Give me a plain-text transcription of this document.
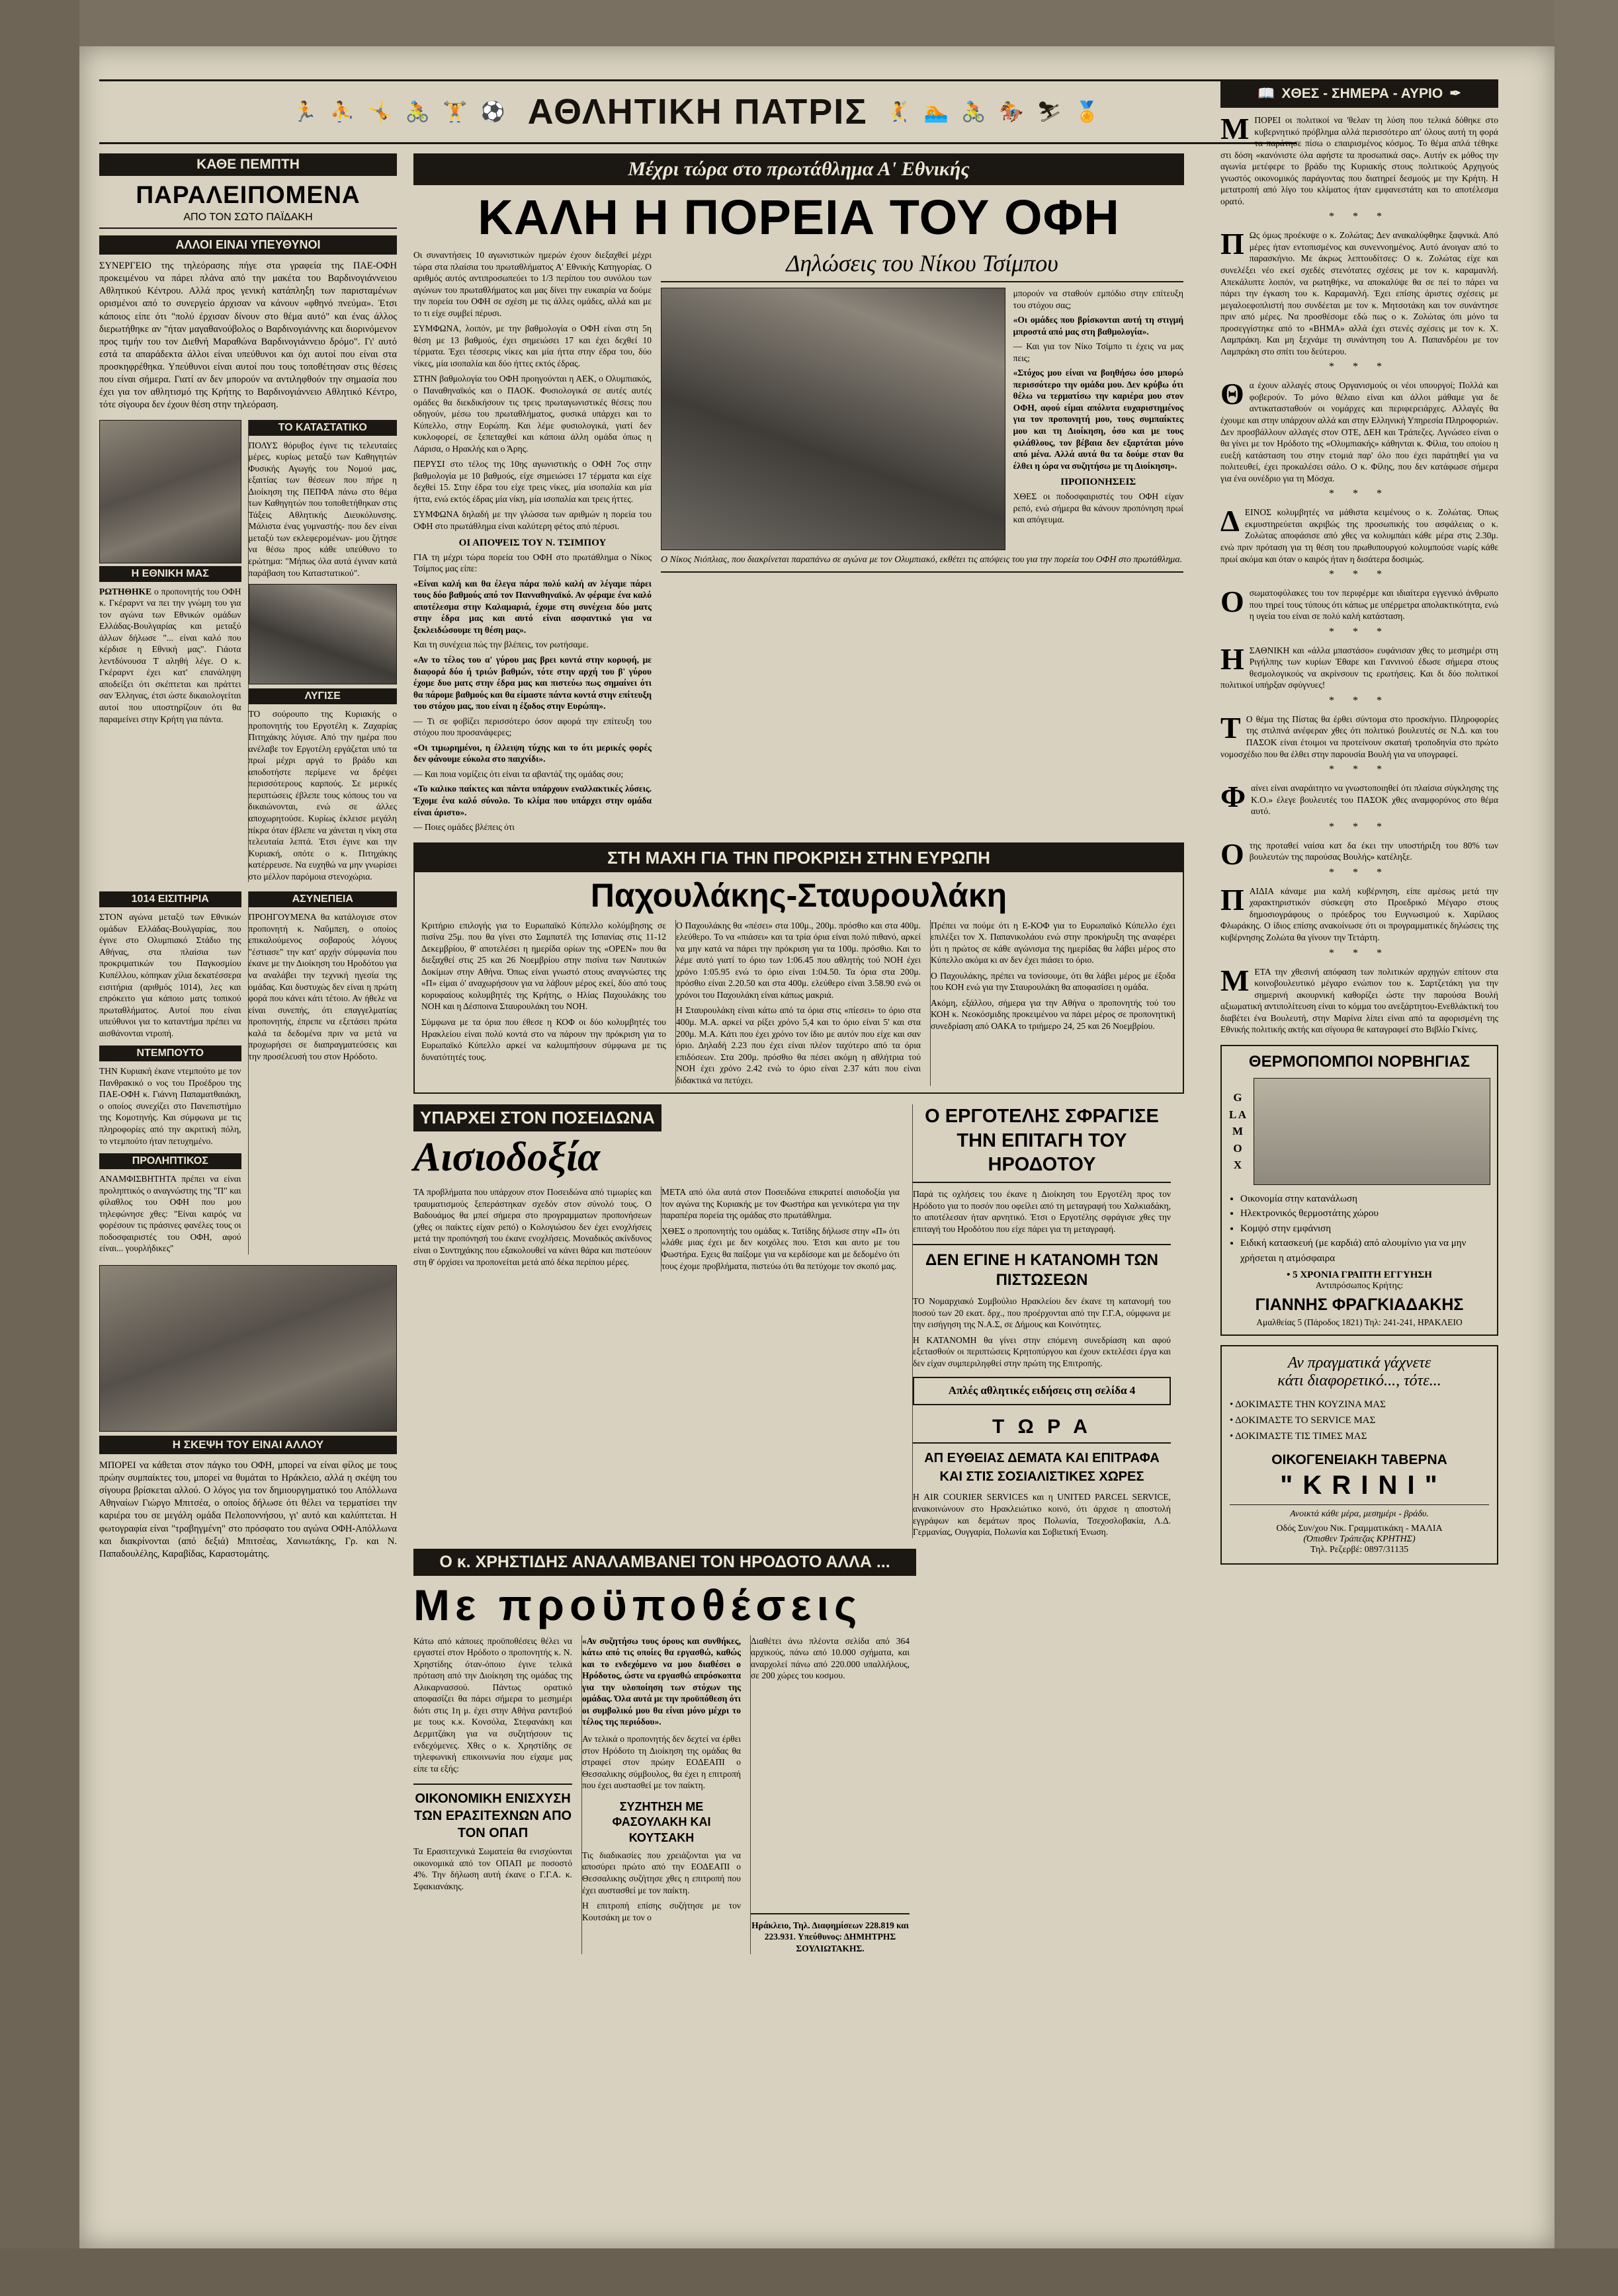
🏃 ⛹ 🤸 🚴 🏋 ⚽ ΑΘΛΗΤΙΚΗ ΠΑΤΡΙΣ 🤾 🏊 🚴 🏇 ⛷ 🏅
ΚΑΘΕ ΠΕΜΠΤΗ
ΠΑΡΑΛΕΙΠΟΜΕΝΑ
ΑΠΟ ΤΟΝ ΣΩΤΟ ΠΑΪΔΑΚΗ
ΑΛΛΟΙ ΕΙΝΑΙ ΥΠΕΥΘΥΝΟΙ
ΣΥΝΕΡΓΕΙΟ της τηλεόρασης πήγε στα γραφεία της ΠΑΕ-ΟΦΗ προκειμένου να πάρει πλάνα από την μακέτα του Βαρδινογιάννειου Αθλητικού Κέντρου. Αλλά προς γενική κατάπληξη των παρισταμένων ορισμένοι από το συνεργείο άρχισαν να κάνουν «φθηνό πνεύμα». Έτσι κάποιος είπε ότι "πολύ έρχισαν δίνουν στο θέμα αυτό" και ένας άλλος διερωτήθηκε αν "ήταν μαγαθανούβολος ο Βαρδινογιάννης και διορινόμενον προς τιμήν του τον Διεθνή Μαραθώνα Βαρδινογιάννειο δρόμο". Γι' αυτό εστά τα απαράδεκτα άλλοι είναι υπεύθυνοι και όχι αυτοί που είναι στα προσκηφρέθηκα. Υπεύθυνοι είναι αυτοί που τους τοποθέτησαν στις θέσεις που είναι σήμερα. Γιατί αν δεν μπορούν να αντιληφθούν την σημασία που έχει για τον αθλητισμό της Κρήτης το Βαρδινογιάννειο Αθλητικό Κέντρο, τότε σίγουρα δεν έχουν θέση στην τηλεόραση.
Η ΕΘΝΙΚΗ ΜΑΣ
ΡΩΤΗΘΗΚΕ ο προπονητής του ΟΦΗ κ. Γκέραρντ να πει την γνώμη του για τον αγώνα των Εθνικών ομάδων Ελλάδας-Βουλγαρίας και μεταξύ άλλων δήλωσε "... είναι καλό που κέρδισε η Εθνική μας". Γιάοτα λεντδύνουσα Τ αληθή λέγε. Ο κ. Γκέραρντ έχει κατ' επανάληψη αποδείξει ότι σκέπτεται και πράττει σαν Έλληνας, έτσι ώστε δικαιολογείται αυτοί που υποστηρίζουν ότι θα παραμείνει στην Κρήτη για πάντα.
ΤΟ ΚΑΤΑΣΤΑΤΙΚΟ
ΠΟΛΥΣ θόρυβος έγινε τις τελευταίες μέρες, κυρίως μεταξύ των Καθηγητών Φυσικής Αγωγής του Νομού μας, εξαιτίας των θέσεων που πήρε η Διοίκηση της ΠΕΠΦΑ πάνω στο θέμα των Καθηγητών που τοποθετήθηκαν στις Τάξεις Αθλητικής Διευκόλυνσης. Μάλιστα ένας γυμναστής- που δεν είναι μεταξύ των εκλεφερομένων- μου ζήτησε να θέσω προς κάθε υπεύθυνο το ερώτημα: "Μήπως όλα αυτά έγιναν κατά παράβαση του Καταστατικού".
ΛΥΓΙΣΕ
ΤΟ σούρουπο της Κυριακής ο προπονητής του Εργοτέλη κ. Ζαχαρίας Πιτηχάκης λύγισε. Από την ημέρα που ανέλαβε τον Εργοτέλη εργάζεται υπό τα πρωί μέχρι αργά το βράδυ και αποδοτήστε περίμενε να δρέψει περισσότερους καρπούς. Σε μερικές περιπτώσεις έβλεπε τους κόπους του να δικαιώνονται, ενώ σε άλλες αποχωρητούσε. Κυρίως έκλεισε μεγάλη πίκρα όταν έβλεπε να χάνεται η νίκη στα τελευταία λεπτά. Έτσι έγινε και την Κυριακή, οπότε ο κ. Πιτηχάκης κατέρρευσε. Να ευχηθώ να μην γνωρίσει στο μέλλον παρόμοια στενοχώρια.
1014 ΕΙΣΙΤΗΡΙΑ
ΣΤΟΝ αγώνα μεταξύ των Εθνικών ομάδων Ελλάδας-Βουλγαρίας, που έγινε στο Ολυμπιακό Στάδιο της Αθήνας, στα πλαίσια των προκριματικών του Παγκοσμίου Κυπέλλου, κόπηκαν χίλια δεκατέσσερα εισιτήρια (αριθμός 1014), λες και επρόκειτο για κάποιο ματς τοπικού πρωταθλήματος. Αυτοί που είναι υπεύθυνοι για το καταντήμα πρέπει να αισθάνονται ντροπή.
ΝΤΕΜΠΟΥΤΟ
ΤΗΝ Κυριακή έκανε ντεμπούτο με τον Πανθρακικό ο νος του Προέδρου της ΠΑΕ-ΟΦΗ κ. Γιάννη Παπαματθαιάκη, ο οποίος συνεχίζει στο Πανεπιστήμιο της Κομοτηνής. Και σύμφωνα με τις πληροφορίες από την ακριτική πόλη, το ντεμπούτο ήταν πετυχημένο.
ΠΡΟΛΗΠΤΙΚΟΣ
ΑΝΑΜΦΙΣΒΗΤΗΤΑ πρέπει να είναι προληπτικός ο αναγνώστης της "Π" και φίλαθλος του ΟΦΗ που μου τηλεφώνησε χθες: "Είναι καιρός να φορέσουν τις πράσινες φανέλες τους οι ποδοσφαιριστές του ΟΦΗ, αφού είναι... γουρλήδικες"
ΑΣΥΝΕΠΕΙΑ
ΠΡΟΗΓΟΥΜΕΝΑ θα κατάλογισε στον προπονητή κ. Ναΰμπεη, ο οποίος επικαλούμενος σοβαρούς λόγους "έστιασε" την κατ' αρχήν σύμφωνία που έκανε με την Διοίκηση του Ηροδότου για να αναλάβει την τεχνική ηγεσία της ομάδας. Και δυστυχώς δεν είναι η πρώτη φορά που κάνει κάτι τέτοιο. Αν ήθελε να είναι συνεπής, ότι επαγγελματίας προπονητής, έπρεπε να εξετάσει πρώτα καλά τα δεδομένα πριν να μετά να προχωρήσει σε διαπραγματεύσεις και την προσέλευσή του στον Ηρόδοτο.
Η ΣΚΕΨΗ ΤΟΥ ΕΙΝΑΙ ΑΛΛΟΥ
ΜΠΟΡΕΙ να κάθεται στον πάγκο του ΟΦΗ, μπορεί να είναι φίλος με τους πρώην συμπαίκτες του, μπορεί να θυμάται το Ηράκλειο, αλλά η σκέψη του σίγουρα βρίσκεται αλλού. Ο λόγος για τον δημιουργηματικό του Απόλλωνα Αθηναίων Γιώργο Μπιτσέα, ο οποίος δήλωσε ότι θέλει να τερματίσει την καριέρα του σε μεγάλη ομάδα Πελοποννήσου, γι' αυτό και καλύπτεται. Η φωτογραφία είναι "τραβηγμένη" στο πρόσφατο του αγώνα ΟΦΗ-Απόλλωνα και διακρίνονται (από δεξιά) Μπιτσέας, Χανιωτάκης, Γρ. και Ν. Παπαδουλέλης, Καραβίδας, Καραστομάτης.
Μέχρι τώρα στο πρωτάθλημα Α' Εθνικής
ΚΑΛΗ Η ΠΟΡΕΙΑ ΤΟΥ ΟΦΗ
Οι συναντήσεις 10 αγωνιστικών ημερών έχουν διεξαχθεί μέχρι τώρα στα πλαίσια του πρωταθλήματος Α' Εθνικής Κατηγορίας. Ο αριθμός αυτός αντιπροσωπεύει το 1/3 περίπου του συνόλου των αγώνων του πρωταθλήματος και μας δίνει την ευκαιρία να δούμε την πορεία του ΟΦΗ σε σχέση με τις άλλες ομάδες, αλλά και με το τι είχε συμβεί πέρυσι.
ΣΥΜΦΩΝΑ, λοιπόν, με την βαθμολογία ο ΟΦΗ είναι στη 5η θέση με 13 βαθμούς, έχει σημειώσει 17 και έχει δεχθεί 10 τέρματα. Έχει τέσσερις νίκες και μία ήττα στην έδρα του, δύο νίκες, μία ισοπαλία και δύο ήττες εκτός έδρας.
ΣΤΗΝ βαθμολογία του ΟΦΗ προηγούνται η ΑΕΚ, ο Ολυμπιακός, ο Παναθηναϊκός και ο ΠΑΟΚ. Φυσιολογικά σε αυτές αυτές ομάδες θα διεκδικήσουν τις τρεις πρωταγωνιστικές θέσεις που οδηγούν, μέσω του πρωταθλήματος, φυσικά υπάρχει και το Κύπελλο, στην Ευρώπη. Και λέμε φυσιολογικά, γιατί δεν κυκλοφορεί, σε ξεπεταχθεί και κάποια άλλη ομάδα όπως η Λάρισα, ο Ηρακλής και ο Άρης.
ΠΕΡΥΣΙ στο τέλος της 10ης αγωνιστικής ο ΟΦΗ 7ος στην βαθμολογία με 10 βαθμούς, είχε σημειώσει 17 τέρματα και είχε δεχθεί 15. Στην έδρα του είχε τρεις νίκες, μία ισοπαλία και μία ήττα, ενώ εκτός έδρας μία νίκη, μία ισοπαλία και τρεις ήττες.
ΣΥΜΦΩΝΑ δηλαδή με την γλώσσα των αριθμών η πορεία του ΟΦΗ στο πρωτάθλημα είναι καλύτερη φέτος από πέρυσι.
ΟΙ ΑΠΟΨΕΙΣ ΤΟΥ Ν. ΤΣΙΜΠΟΥ
ΓΙΑ τη μέχρι τώρα πορεία του ΟΦΗ στο πρωτάθλημα ο Νίκος Τσίμπος μας είπε:
«Είναι καλή και θα έλεγα πάρα πολύ καλή αν λέγαμε πάρει τους δύο βαθμούς από τον Πανναθηναϊκό. Αν φέραμε ένα καλό αποτέλεσμα στην Καλαμαριά, έχομε στη συνέχεια δύο ματς στην έδρα μας και αυτό είναι ασφαντικό για να ξεκλειδώσουμε τη θέση μας».
Και τη συνέχεια πώς την βλέπεις, τον ρωτήσαμε.
«Αν το τέλος του α' γύρου μας βρει κοντά στην κορυφή, με διαφορά δύο ή τριών βαθμών, τότε στην αρχή του β' γύρου έχομε δυο ματς στην έδρα μας και πιστεύω πως σημαίνει ότι θα πάρομε βαθμούς και θα είμαστε πάντα κοντά στην επίτευξη του στόχου μας, που είναι η έξοδος στην Ευρώπη».
— Τι σε φοβίζει περισσότερο όσον αφορά την επίτευξη του στόχου που προσανάφερες;
«Οι τιμωρημένοι, η έλλειψη τύχης και το ότι μερικές φορές δεν φάνουμε εύκολα στο παιχνίδι».
— Και ποια νομίζεις ότι είναι τα αβαντάζ της ομάδας σου;
«Το καλικο παίκτες και πάντα υπάρχουν εναλλακτικές λύσεις. Έχομε ένα καλό σύνολο. Το κλίμα που υπάρχει στην ομάδα είναι άριστο».
— Ποιες ομάδες βλέπεις ότι
Δηλώσεις του Νίκου Τσίμπου
μπορούν να σταθούν εμπόδιο στην επίτευξη του στόχου σας;
«Οι ομάδες που βρίσκονται αυτή τη στιγμή μπροστά από μας στη βαθμολογία».
— Και για τον Νίκο Τσίμπο τι έχεις να μας πεις;
«Στόχος μου είναι να βοηθήσω όσο μπορώ περισσότερο την ομάδα μου. Δεν κρύβω ότι θέλω να τερματίσω την καριέρα μου στον ΟΦΗ, αφού είμαι απόλυτα ευχαριστημένος για τον προπονητή μου, τους συμπαίκτες μου και τη Διοίκηση, όσο και με τους φιλάθλους, τον βέβαια δεν εξαρτάται μόνο από μένα. Αλλά αυτά θα τα δούμε σταν θα έλθει η ώρα να συζητήσω με τη Διοίκηση».
ΠΡΟΠΟΝΗΣΕΙΣ
ΧΘΕΣ οι ποδοσφαιριστές του ΟΦΗ είχαν ρεπό, ενώ σήμερα θα κάνουν προπόνηση πρωί και απόγευμα.
Ο Νίκος Νιόπλιας, που διακρίνεται παραπάνω σε αγώνα με τον Ολυμπιακό, εκθέτει τις απόψεις του για την πορεία του ΟΦΗ στο πρωτάθλημα.
ΣΤΗ ΜΑΧΗ ΓΙΑ ΤΗΝ ΠΡΟΚΡΙΣΗ ΣΤΗΝ ΕΥΡΩΠΗ
Παχουλάκης-Σταυρουλάκη
Κριτήριο επιλογής για το Ευρωπαϊκό Κύπελλο κολύμβησης σε πισίνα 25μ. που θα γίνει στο Σαμπατέλ της Ισπανίας στις 11-12 Δεκεμβρίου, θ' αποτελέσει η ημερίδα ορίων της «OPEN» που θα διεξαχθεί στις 25 και 26 Νοεμβρίου στην πισίνα των Ναυτικών Δοκίμων στην Αθήνα. Όπως είναι γνωστό στους αναγνώστες της «Π» είμαι ό' αναχωρήσουν για να λάβουν μέρος εκεί, δύο από τους κορυφαίους κολυμβητές της Κρήτης, ο Ηλίας Παχουλάκης του ΝΟΗ και η Δέσποινα Σταυρουλάκη του ΝΟΗ.
Σύμφωνα με τα όρια που έθεσε η ΚΟΦ οι δύο κολυμβητές του Ηρακλείου είναι πολύ κοντά στο να πάρουν την πρόκριση για το Ευρωπαϊκό Κύπελλο αρκεί να καλυμπήσουν σύμφωνα με τις δυνατότητές τους.
Ο Παχουλάκης θα «πέσει» στα 100μ., 200μ. πρόσθιο και στα 400μ. ελεύθερο. Το να «πιάσει» και τα τρία όρια είναι πολύ πιθανό, αρκεί να μην κατά να πάρει την πρόκριση για τα 100μ. πρόσθιο. Και το λέμε αυτό γιατί το όριο των 1:06.45 που αθλητής τού ΝΟΗ έχει χρόνο 1:05.95 ενώ το όριο είναι 1:04.50. Τα όρια στα 200μ. πρόσθιο είναι 2.20.50 και στα 400μ. ελεύθερο είναι 3.58.90 ενώ οι χρόνοι του Παχουλάκη είναι κάπως μακριά.
Η Σταυρουλάκη είναι κάτω από τα όρια στις «πίεσει» το όριο στα 400μ. Μ.Α. αρκεί να ρίξει χρόνο 5,4 και το όριο είναι 5' και στα 200μ. Μ.Α. Κάτι που έχει χρόνο τον ίδιο με αυτόν που είχε και σαν όριο. Δηλαδή 2.23 που έχει είναι πλέον ταχύτερο από τα όρια επιδόσεων. Στα 200μ. πρόσθιο θα πέσει ακόμη η αθλήτρια τού ΝΟΗ έχει χρόνο 2.42 ενώ το όριο είναι 2.37 κάτι που είναι διδακτικά να πετύχει.
Πρέπει να πούμε ότι η Ε-ΚΟΦ για το Ευρωπαϊκό Κύπελλο έχει επιλέξει τον Χ. Παπανικολάου ενώ στην προκήρυξη της αναφέρει ότι η πρώτος σε κάθε αγώνισμα της ημερίδας θα λάβει μέρος στο Κύπελλο ακόμα κι αν δεν έχει πιάσει το όριο.
Ο Παχουλάκης, πρέπει να τονίσουμε, ότι θα λάβει μέρος με έξοδα του ΚΟΗ ενώ για την Σταυρουλάκη θα αποφασίσει η ομάδα.
Ακόμη, εξάλλου, σήμερα για την Αθήνα ο προπονητής τού του ΚΟΗ κ. Νεοκόσμιδης προκειμένου να πάρει μέρος σε προπονητική συνεδρίαση από ΟΑΚΑ το τριήμερο 24, 25 και 26 Νοεμβρίου.
ΥΠΑΡΧΕΙ ΣΤΟΝ ΠΟΣΕΙΔΩΝΑ
Αισιοδοξία
ΤΑ προβλήματα που υπάρχουν στον Ποσειδώνα από τιμωρίες και τραυματισμούς ξεπεράστηκαν σχεδόν στον σύνολό τους. Ο Βαδουάμος θα μπεί σήμερα στο προγραμματων προπονήσεων (χθες οι παίκτες είχαν ρεπό) ο Κολογιώσου δεν έχει ενοχλήσεις μετά την προπόνησή του έκανε ενοχλήσεις. Μοναδικός ακίνδυνος είναι ο Συντηχάκης που εξακολουθεί να κάνει θάρα και πιστεύουν στη θ' όρχίσει να προπονείται μετά από δέκα περίπου μέρες.
ΜΕΤΑ από όλα αυτά στον Ποσειδώνα επικρατεί αισιοδοξία για τον αγώνα της Κυριακής με τον Φωστήρα και γενικότερα για την παραπέρα πορεία της ομάδας στο πρωτάθλημα.
ΧΘΕΣ ο προπονητής του ομάδας κ. Τατίδης δήλωσε στην «Π» ότι «λάθε μιας έχει με δεν κοιχόλες που. Έτσι και αυτο με του Φωστήρα. Εχεις θα παίξομε για να κερδίσομε και με δεδομένο ότι τους έχομε προβλήματα, πιστεύω ότι θα πετύχομε τον σκοπό μας.
Ο ΕΡΓΟΤΕΛΗΣ ΣΦΡΑΓΙΣΕ ΤΗΝ ΕΠΙΤΑΓΗ ΤΟΥ ΗΡΟΔΟΤΟΥ
Παρά τις οχλήσεις του έκανε η Διοίκηση του Εργοτέλη προς τον Ηρόδοτο για το ποσόν που οφείλει από τη μεταγραφή του Χαλκιαδάκη, το αποτέλεσαν ήταν αρνητικό. Έτσι ο Εργοτέλης σφράγισε χθες την επιταγή του Ηροδότου που είχε πάρει για τη μεταγραφή.
ΔΕΝ ΕΓΙΝΕ Η ΚΑΤΑΝΟΜΗ ΤΩΝ ΠΙΣΤΩΣΕΩΝ
ΤΟ Νομαρχιακό Συμβούλιο Ηρακλείου δεν έκανε τη κατανομή του ποσού των 20 εκατ. δρχ., που προέρχονται από την Γ.Γ.Α, ούμφωνα με την εισήγηση της Ν.Α.Σ, σε Δήμους και Κοινότητες.
Η ΚΑΤΑΝΟΜΗ θα γίνει στην επόμενη συνεδρίαση και αφού εξετασθούν οι περιπτώσεις Κρητοπύργου και έχουν εκτελέσει έργα και δεν είχαν συμπεριληφθεί στην πρώτη της Επιτροπής.
Απλές αθλητικές ειδήσεις στη σελίδα 4
Τ Ω Ρ Α
ΑΠ ΕΥΘΕΙΑΣ ΔΕΜΑΤΑ ΚΑΙ ΕΠΙΤΡΑΦΑ
ΚΑΙ ΣΤΙΣ ΣΟΣΙΑΛΙΣΤΙΚΕΣ ΧΩΡΕΣ
Η AIR COURIER SERVICES και η UNITED PARCEL SERVICE, ανακοινώνουν στο Ηρακλειώτικο κοινό, ότι άρχισε η αποστολή εγγράφων και δεμάτων προς Πολωνία, Τσεχοσλοβακία, Λ.Δ. Γερμανίας, Ουγγαρία, Πολωνία και Σοβιετική Ένωση.
Ο κ. ΧΡΗΣΤΙΔΗΣ ΑΝΑΛΑΜΒΑΝΕΙ ΤΟΝ ΗΡΟΔΟΤΟ ΑΛΛΑ ...
Με προϋποθέσεις
Κάτω από κάποιες προϋποθέσεις θέλει να εργαστεί στον Ηρόδοτο ο προπονητής κ. Ν. Χρηστίδης όταν-όποιο έγινε τελικά πρόταση από την Διοίκηση της ομάδας της Αλικαρνασσού. Πάντως ορατικό αποφασίζει θα πάρει σήμερα το μεσημέρι διότι στις 1η μ. έχει στην Αθήνα ραντεβού με τους κ.κ. Κονσόλα, Στεφανάκη και Δερμιτζάκη για να συζητήσουν τις ενδεχόμενες. Χθες ο κ. Χρηστίδης σε τηλεφωνική επικοινωνία που είχαμε μας είπε τα εξής:
ΟΙΚΟΝΟΜΙΚΗ ΕΝΙΣΧΥΣΗ ΤΩΝ ΕΡΑΣΙΤΕΧΝΩΝ ΑΠΟ ΤΟΝ ΟΠΑΠ
Τα Ερασιτεχνικά Σωματεία θα ενισχύονται οικονομικά από τον ΟΠΑΠ με ποσοστό 4%. Την δήλωση αυτή έκανε ο Γ.Γ.Α. κ. Σφακιανάκης.
«Αν συζητήσω τους όρους και συνθήκες, κάτω από τις οποίες θα εργασθώ, καθώς και το ενδεχόμενο να μου διαθέσει ο Ηρόδοτος, ώστε να εργασθώ απρόσκοπτα για την υλοποίηση των στόχων της ομάδας. Όλα αυτά με την προϋπόθεση ότι οι συμβολικό μου θα είναι μόνο μέχρι το τέλος της περιόδου».
Αν τελικά ο προπονητής δεν δεχτεί να έρθει στον Ηρόδοτο τη Διοίκηση της ομάδας θα στραφεί στον πρώην ΕΟΔΕΑΠΙ ο Θεσσαλικης σύμβουλος, θα έχει η επιτροπή που έχει αυστασθεί με τον παίκτη.
ΣΥΖΗΤΗΣΗ ΜΕ ΦΑΣΟΥΛΑΚΗ ΚΑΙ ΚΟΥΤΣΑΚΗ
Τις διαδικασίες που χρειάζονται για να αποσύρει πρώτο από την ΕΟΔΕΑΠΙ ο Θεσσαλικης συζήτησε χθες η επιτροπή που έχει αυστασθεί με τον παίκτη.
Η επιτροπή επίσης συζήτησε με τον Κουτσάκη με τον ο
Διαθέτει άνω πλέοντα σελίδα από 364 αρχικούς, πάνω από 10.000 σχήματα, και αναρχολεί πάνω από 220.000 υπαλλήλους, σε 200 χώρες του κοσμου.
Ηράκλειο, Τηλ. Διαφημίσεων 228.819 και 223.931. Υπεύθυνος: ΔΗΜΗΤΡΗΣ ΣΟΥΛΙΩΤΑΚΗΣ.
📖 ΧΘΕΣ - ΣΗΜΕΡΑ - ΑΥΡΙΟ ✒
ΜΠΟΡΕΙ οι πολιτικοί να 'θελαν τη λύση που τελικά δόθηκε στο κυβερνητικό πρόβλημα αλλά περισσότερο απ' όλους αυτή τη φορά τα παράτησε πίσω ο επαιρισμένος κόσμος. Το θέμα απλά τέθηκε στι δόση «κανόνιστε όλα αφήστε τα προσωπικά σας». Αυτήν εκ μόθος την αγωνία μετέφερε το βράδυ της Κυριακής στους πολιτικούς Αρχηγούς γνωστός οικονομικός παράγοντας που διατηρεί δεσμούς με την Κρήτη. Η μετατροπή από λίγο του κλίματος ήταν εμφανεστάτη και το αποτέλεσμα ορατό.
* * *
Π Ως όμως προέκυψε ο κ. Ζολώτας; Δεν ανακαλύφθηκε ξαφνικά. Από μέρες ήταν εντοπισμένος και συνεννοημένος. Αυτό άνοιγαν από το παρασκήνιο. Με άκρως λεπτουδίτσες: Ο κ. Ζολώτας είχε και συνελέξει νέο εκεί σχεδές στενότατες σχέσεις με τον κ. καραμανλή. Απεκάλυπτε λοιπόν, να ρωτηθήκε, να αποκαλύψε θα σε πεί το πάρει να πάρει την έγκαση του κ. Καραμανλή. Έχει επίσης άριστες σχέσεις με μεγαλοεφοπλιστή που συνδέεται με τον κ. Μητσοτάκη και τον συνάντησε πριν από μέρες. Να προσθέσομε εδώ πως ο κ. Ζολώτας όπι μόνο τα προσεγγίστηκε από το «ΒΗΜΑ» αλλά έχει στενές σχέσεις με τον κ. Χ. Λαμπράκη. Και μη ξεχνάμε τη συνάντηση του Α. Παπανδρέου με τον Λαμπράκη στο σπίτι του δεύτερου.
* * *
Θα έχουν αλλαγές στους Οργανισμούς οι νέοι υπουργοί; Πολλά και φοβερούν. Το μόνο θέλαιο είναι και άλλοι μάθαμε για δε αντικατασταθούν οι νομάρχες και περιφερειάρχες. Αλλαγές θα έχουμε και στην υπάρχουν αλλά και στην Ελληνική Υπηρεσία Πληροφοριών. Δεν προσβάλλουν αλλαγές στον ΟΤΕ, ΔΕΗ και Τράπεζες. Λγνώσεο είναι ο θα γίνει με τον Ηρόδοτο της «Ολυμπιακής» κάθηνται κ. Φίλια, του οποίου η ευεξή κατάσταση του στην ετομιά παρ' όλο που έχει παράτηθεί για να πολιτευθεί, έχει προκαλέσει σάλο. Ο κ. Φίλης, που δεν κατάφωσε σήμερα για ένα ουνέδριο για τη Μόσχα.
* * *
ΔΕΙΝΟΣ κολυμβητές να μάθιστα κειμένους ο κ. Ζολώτας. Όπως εκμυστηρεύεται ακριβώς της προσωπικής του ασφάλειας ο κ. Ζολώτας αποφάσισε από χθες να κολυμπάει κάθε μέρα στις 2.30μ. ενώ πριν πρόταση για τη θέση του πρωθυπουργού κολυμπούσε νωρίς κάθε πρωί ακόμα και όταν ο καιρός ήταν η δισάτερα δοσιμώς.
* * *
Οσωματοφύλακες του τον περιφέρμε και ιδιαίτερα εγγενικό άνθρωπο που τηρεί τους τύπους ότι κάπως με υπέρμετρα απολακτικότητα, ενώ η υγεία του είναι σε πολύ καλή κατάσταση.
* * *
ΗΣΑΘΝΙΚΗ και «άλλα μπαστάσο» ευφάνισαν χθες το μεσημέρι στη Ριγήλπης των κυρίων Έθαρε και Γαννινού έδωσε σήμερα στους θεσμολογικούς να ακρίνσουν τις ερωτήσεις. Και δι δύο πολιτικοί πολιτικοί υπήρξαν σφύγνυες!
* * *
Τ Ο θέμα της Πίστας θα έρθει σύντομα στο προσκήνιο. Πληροφορίες της στιλπνά ανέφεραν χθες ότι πολιτικό βουλευτές σε Ν.Δ. και του ΠΑΣΟΚ είναι έτοιμοι να προτείνουν σκαταή τροποδηνία στο πρώτο νομοσχέδιο που θα έλθει στην παρουσία Βουλή για να υπογραφεί.
* * *
Φαίνει είναι αναράιτητο να γνωστοποιηθεί ότι πλαίσια σύγκλησης της Κ.Ο.» έλεγε βουλευτές του ΠΑΣΟΚ χθες αναμφορύνος στο θέμα αυτό.
* * *
Οτης προταθεί ναίσα κατ δα έκει την υποστήριξη του 80% των βουλευτών της παρούσας Βουλής» κατέληξε.
* * *
ΠΑΙΔΙΑ κάναμε μια καλή κυβέρνηση, είπε αμέσως μετά την χαρακτηριστικόν σύσκεψη στο Προεδρικό Μέγαρο στους δημοσιογράφους ο πρόεδρος του Ευγνωσιμού κ. Χαρίλαος Φλωράκης. Ο ίδιος επίσης ανακοίνωσε ότι οι προγραμματικές δηλώσεις της κυβέρνησης Ζολώτα θα γίνουν την Τετάρτη.
* * *
ΜΕΤΑ την χθεσινή απόφαση των πολιτικών αρχηγών επίτουν στα κοινοβουλευτικό μέγαρο ενώπιον του κ. Σαρτζετάκη για την σημερινή ακουρνική καθορίζει ώστε την παρούσα Βουλή αξιωματική αντιπολίτευση είναι το κόμμα του ανεξάρτητου-Ενεθλάκτική του διαβέτει ένα Βουλευτή, στην Μαρίνα λίπει είναι από τα αφορισμένη της Εθνικής πολιτικής ακτής και σίγουρα θε καταγραφεί στο Βιβλίο Γκίνες.
ΘΕΡΜΟΠΟΜΠΟΙ ΝΟΡΒΗΓΙΑΣ
G L A M O X
• Οικονομία στην κατανάλωση
• Ηλεκτρονικός θερμοστάτης χώρου
• Κομψό στην εμφάνιση
• Ειδική κατασκευή (με καρδιά) από αλουμίνιο για να μην χρήσεται η ατμόσφαιρα
• 5 ΧΡΟΝΙΑ ΓΡΑΠΤΗ ΕΓΓΥΗΣΗ
Αντιπρόσωπος Κρήτης:
ΓΙΑΝΝΗΣ ΦΡΑΓΚΙΑΔΑΚΗΣ
Αμαλθείας 5 (Πάροδος 1821) Τηλ: 241-241, ΗΡΑΚΛΕΙΟ
Αν πραγματικά γάχνετε
κάτι διαφορετικό..., τότε...
• ΔΟΚΙΜΑΣΤΕ ΤΗΝ ΚΟΥΖΙΝΑ ΜΑΣ
• ΔΟΚΙΜΑΣΤΕ ΤΟ SERVICE ΜΑΣ
• ΔΟΚΙΜΑΣΤΕ ΤΙΣ ΤΙΜΕΣ ΜΑΣ
ΟΙΚΟΓΕΝΕΙΑΚΗ ΤΑΒΕΡΝΑ
" K R I N I "
Ανοικτά κάθε μέρα, μεσημέρι - βράδυ.
Οδός Συν/χου Νικ. Γραμματικάκη - ΜΑΛΙΑ
(Όπισθεν Τράπεζας ΚΡΗΤΗΣ)
Τηλ. Ρεζερβέ: 0897/31135
